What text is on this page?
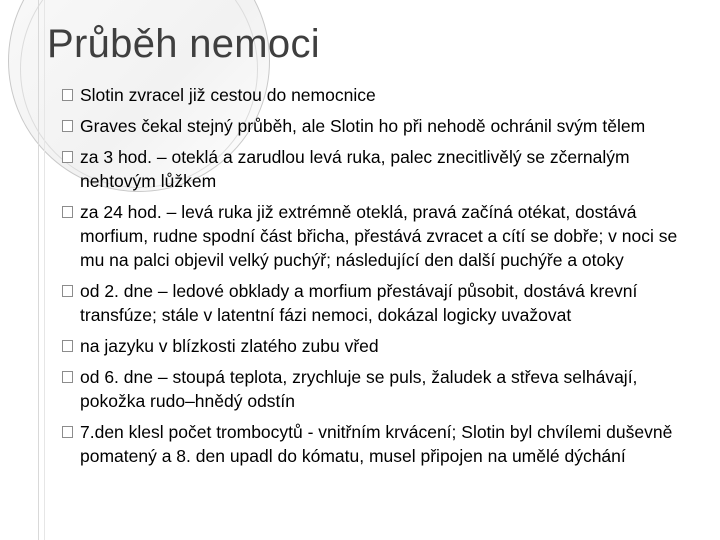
Průběh nemoci
Slotin zvracel již cestou do nemocnice
Graves čekal stejný průběh, ale Slotin ho při nehodě ochránil svým tělem
za 3 hod. – oteklá a zarudlou levá ruka, palec znecitlivělý se zčernalým nehtovým lůžkem
za 24 hod. – levá ruka již extrémně oteklá, pravá začíná otékat, dostává morfium, rudne spodní část břicha, přestává zvracet a cítí se dobře; v noci se mu na palci objevil velký puchýř; následující den další puchýře a otoky
od 2. dne – ledové obklady a morfium přestávají působit, dostává krevní transfúze; stále v latentní fázi nemoci, dokázal logicky uvažovat
na jazyku v blízkosti zlatého zubu vřed
od 6. dne – stoupá teplota, zrychluje se puls, žaludek a střeva selhávají, pokožka rudo–hnědý odstín
7.den klesl počet trombocytů - vnitřním krvácení; Slotin byl chvílemi duševně pomatený a 8. den upadl do kómatu, musel připojen na umělé dýchání
